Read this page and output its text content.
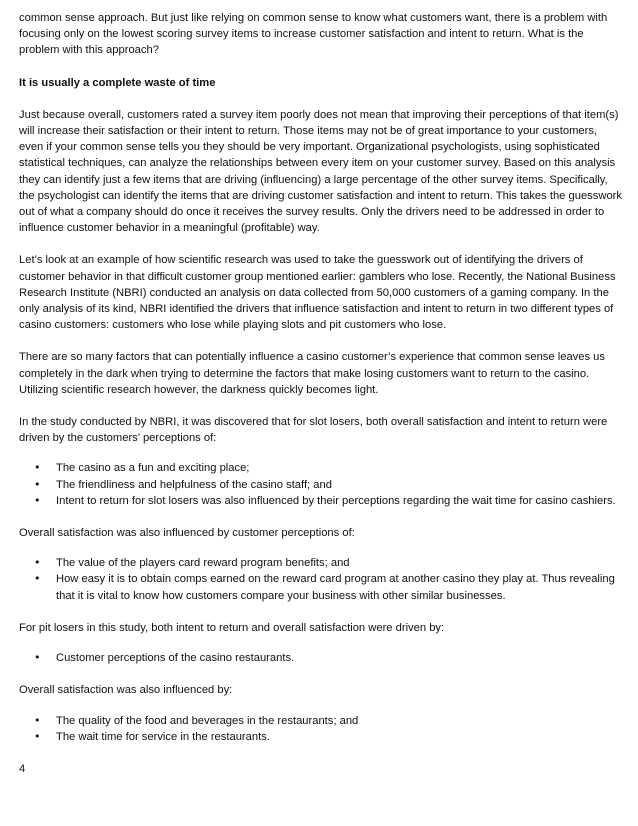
common sense approach. But just like relying on common sense to know what customers want, there is a problem with focusing only on the lowest scoring survey items to increase customer satisfaction and intent to return. What is the problem with this approach?

It is usually a complete waste of time

Just because overall, customers rated a survey item poorly does not mean that improving their perceptions of that item(s) will increase their satisfaction or their intent to return. Those items may not be of great importance to your customers, even if your common sense tells you they should be very important. Organizational psychologists, using sophisticated statistical techniques, can analyze the relationships between every item on your customer survey. Based on this analysis they can identify just a few items that are driving (influencing) a large percentage of the other survey items. Specifically, the psychologist can identify the items that are driving customer satisfaction and intent to return. This takes the guesswork out of what a company should do once it receives the survey results. Only the drivers need to be addressed in order to influence customer behavior in a meaningful (profitable) way.

Let’s look at an example of how scientific research was used to take the guesswork out of identifying the drivers of customer behavior in that difficult customer group mentioned earlier: gamblers who lose. Recently, the National Business Research Institute (NBRI) conducted an analysis on data collected from 50,000 customers of a gaming company. In the only analysis of its kind, NBRI identified the drivers that influence satisfaction and intent to return in two different types of casino customers: customers who lose while playing slots and pit customers who lose.

There are so many factors that can potentially influence a casino customer’s experience that common sense leaves us completely in the dark when trying to determine the factors that make losing customers want to return to the casino. Utilizing scientific research however, the darkness quickly becomes light.

In the study conducted by NBRI, it was discovered that for slot losers, both overall satisfaction and intent to return were driven by the customers’ perceptions of:

• The casino as a fun and exciting place;
• The friendliness and helpfulness of the casino staff; and
• Intent to return for slot losers was also influenced by their perceptions regarding the wait time for casino cashiers.

Overall satisfaction was also influenced by customer perceptions of:

• The value of the players card reward program benefits; and
• How easy it is to obtain comps earned on the reward card program at another casino they play at. Thus revealing that it is vital to know how customers compare your business with other similar businesses.

For pit losers in this study, both intent to return and overall satisfaction were driven by:

• Customer perceptions of the casino restaurants.

Overall satisfaction was also influenced by:

• The quality of the food and beverages in the restaurants; and
• The wait time for service in the restaurants.
4
